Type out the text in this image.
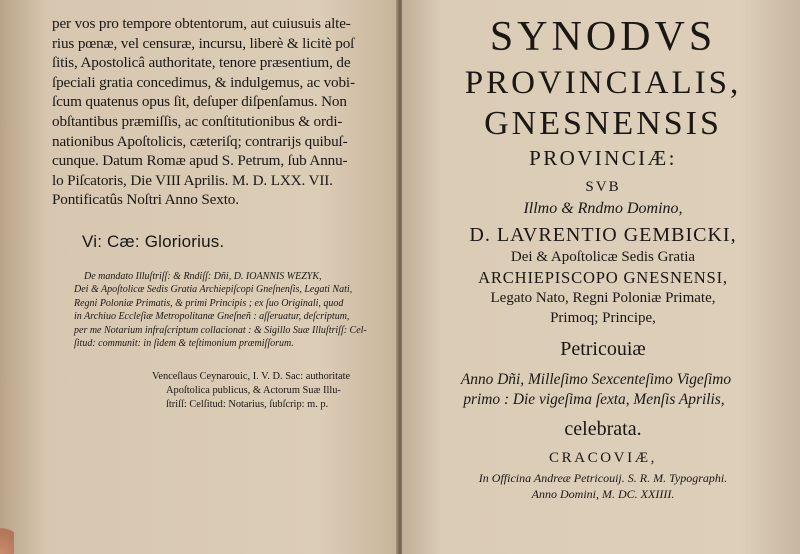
per vos pro tempore obtentorum, aut cuiusuis alte-
rius pœnæ, vel censuræ, incursu, liberè & licitè poſ
ſitis, Apostolicâ authoritate, tenore præsentium, de
ſpeciali gratia concedimus, & indulgemus, ac vobi-
ſcum quatenus opus ſit, deſuper diſpenſamus. Non
obſtantibus præmiſſis, ac conſtitutionibus & ordi-
nationibus Apoſtolicis, cæteriſq; contrarijs quibuſ-
cunque. Datum Romæ apud S. Petrum, ſub Annu-
lo Piſcatoris, Die VIII Aprilis. M. D. LXX. VII.
Pontificatûs Noſtri Anno Sexto.
Vi: Cæ: Gloriorius.
De mandato Illuſtriſſ: & Rndiſſ: Dñi, D. IOANNIS WEZYK,
Dei & Apoſtolicæ Sedis Gratia Archiepiſcopi Gneſnenſis, Legati Nati,
Regni Poloniæ Primatis, & primi Principis ; ex ſuo Originali, quod
in Archiuo Eccleſiæ Metropolitanæ Gneſneñ : aſſeruatur, deſcriptum,
per me Notarium infraſcriptum collacionat : & Sigillo Suæ Illuſtriſſ: Cel-
ſitud: communit: in ſidem & teſtimonium præmiſſorum.
Venceſlaus Ceynarouic, I. V. D. Sac: authoritate
Apoſtolica publicus, & Actorum Suæ Illu-
ſtriſſ: Celſitud: Notarius, ſubſcrip: m. p.
SYNODVS
PROVINCIALIS,
GNESNENSIS
PROVINCIÆ:
SVB
Illmo & Rndmo Domino,
D. LAVRENTIO GEMBICKI,
Dei & Apoſtolicæ Sedis Gratia
ARCHIEPISCOPO GNESNENSI,
Legato Nato, Regni Poloniæ Primate,
Primoq; Principe,
Petricouiæ
Anno Dñi, Milleſimo Sexcenteſimo Vigeſimo
primo : Die vigeſima ſexta, Menſis Aprilis,
celebrata.
CRACOVIÆ,
In Officina Andreæ Petricouij. S. R. M. Typographi.
Anno Domini, M. DC. XXIIII.
